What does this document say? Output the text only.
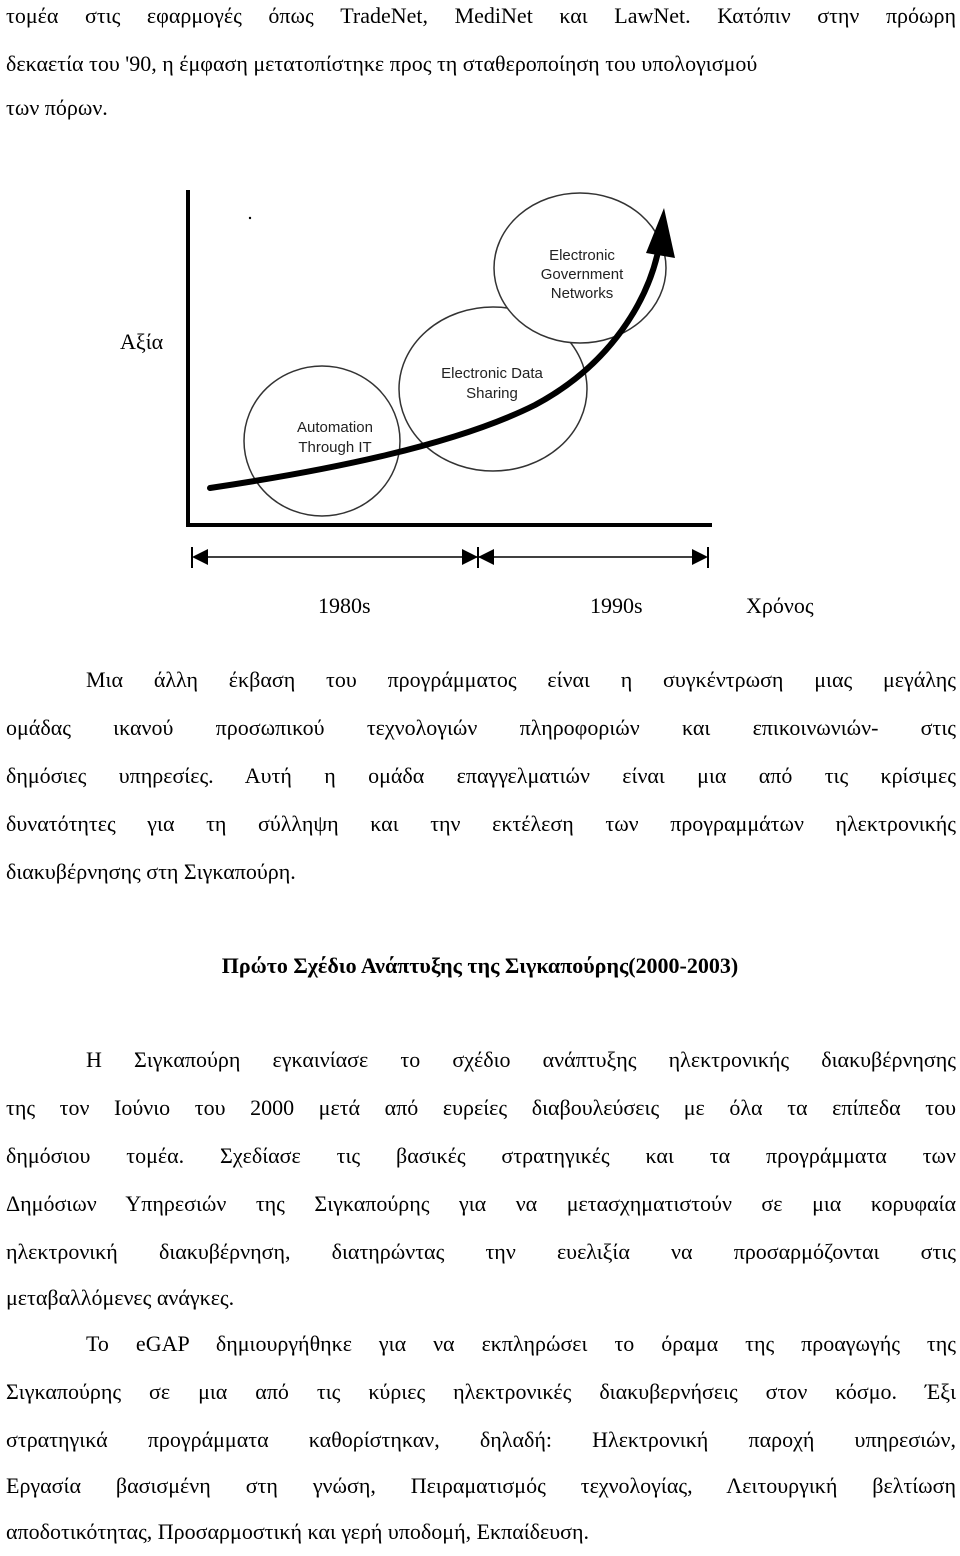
τομέα στις εφαρμογές όπως TradeNet, MediNet και LawNet. Κατόπιν στην πρόωρη
δεκαετία του '90, η έμφαση μετατοπίστηκε προς τη σταθεροποίηση του υπολογισμού
των πόρων.
Automation
Through IT
Electronic Data
Sharing
Electronic
Government
Networks
Αξία
1980s	1990s	Χρόνος
Μια άλλη έκβαση του προγράμματος είναι η συγκέντρωση μιας μεγάλης
ομάδας ικανού προσωπικού τεχνολογιών πληροφοριών και επικοινωνιών- στις
δημόσιες υπηρεσίες. Αυτή η ομάδα επαγγελματιών είναι μια από τις κρίσιμες
δυνατότητες για τη σύλληψη και την εκτέλεση των προγραμμάτων ηλεκτρονικής
διακυβέρνησης στη Σιγκαπούρη.
Πρώτο Σχέδιο Ανάπτυξης της Σιγκαπούρης(2000-2003)
Η Σιγκαπούρη εγκαινίασε το σχέδιο ανάπτυξης ηλεκτρονικής διακυβέρνησης
της τον Ιούνιο του 2000 μετά από ευρείες διαβουλεύσεις με όλα τα επίπεδα του
δημόσιου τομέα. Σχεδίασε τις βασικές στρατηγικές και τα προγράμματα των
Δημόσιων Υπηρεσιών της Σιγκαπούρης για να μετασχηματιστούν σε μια κορυφαία
ηλεκτρονική διακυβέρνηση, διατηρώντας την ευελιξία να προσαρμόζονται στις
μεταβαλλόμενες ανάγκες.
Το eGAP δημιουργήθηκε για να εκπληρώσει το όραμα της προαγωγής της
Σιγκαπούρης σε μια από τις κύριες ηλεκτρονικές διακυβερνήσεις στον κόσμο. Έξι
στρατηγικά προγράμματα καθορίστηκαν, δηλαδή: Ηλεκτρονική παροχή υπηρεσιών,
Εργασία βασισμένη στη γνώση, Πειραματισμός τεχνολογίας, Λειτουργική βελτίωση
αποδοτικότητας, Προσαρμοστική και γερή υποδομή, Εκπαίδευση.
